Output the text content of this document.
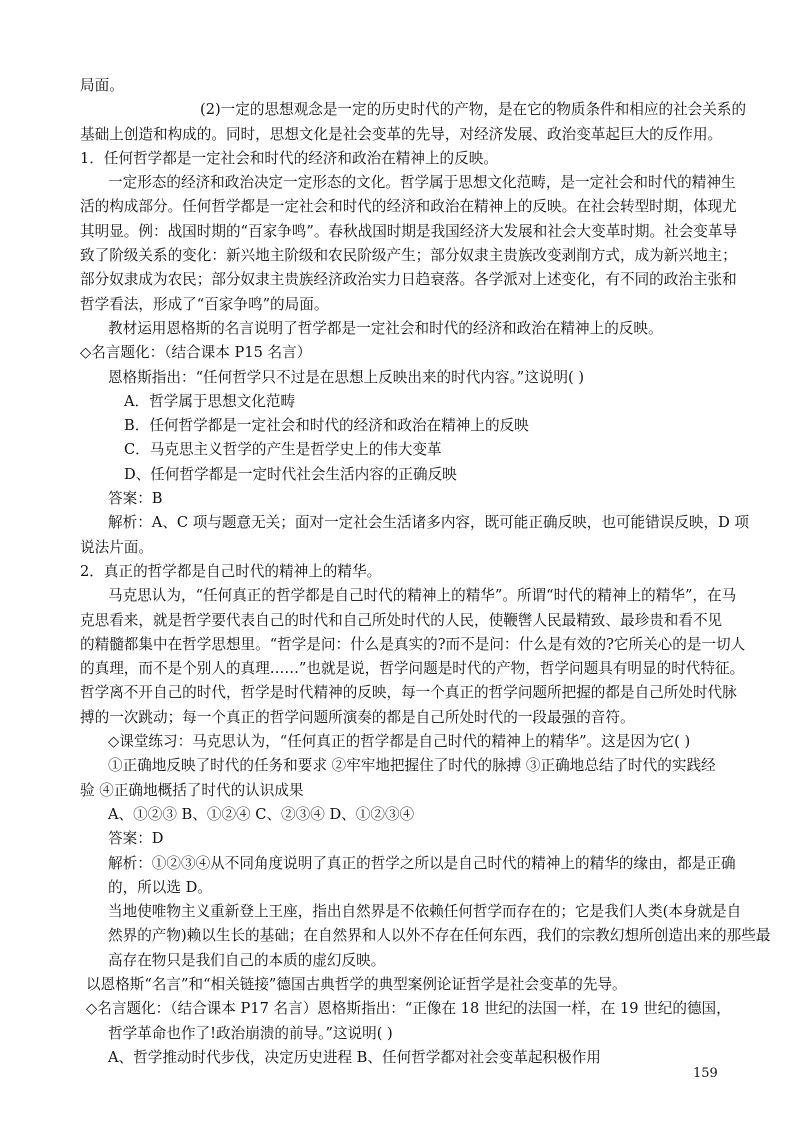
局面。
(2)一定的思想观念是一定的历史时代的产物，是在它的物质条件和相应的社会关系的
基础上创造和构成的。同时，思想文化是社会变革的先导，对经济发展、政治变革起巨大的反作用。
1．任何哲学都是一定社会和时代的经济和政治在精神上的反映。
一定形态的经济和政治决定一定形态的文化。哲学属于思想文化范畴，是一定社会和时代的精神生
活的构成部分。任何哲学都是一定社会和时代的经济和政治在精神上的反映。在社会转型时期，体现尤
其明显。例：战国时期的“百家争鸣”。春秋战国时期是我国经济大发展和社会大变革时期。社会变革导
致了阶级关系的变化：新兴地主阶级和农民阶级产生；部分奴隶主贵族改变剥削方式，成为新兴地主；
部分奴隶成为农民；部分奴隶主贵族经济政治实力日趋衰落。各学派对上述变化，有不同的政治主张和
哲学看法，形成了“百家争鸣”的局面。
教材运用恩格斯的名言说明了哲学都是一定社会和时代的经济和政治在精神上的反映。
◇名言题化：（结合课本 P15 名言）
恩格斯指出：“任何哲学只不过是在思想上反映出来的时代内容。”这说明( )
A．哲学属于思想文化范畴
B．任何哲学都是一定社会和时代的经济和政治在精神上的反映
C．马克思主义哲学的产生是哲学史上的伟大变革
D、任何哲学都是一定时代社会生活内容的正确反映
答案：B
解析：A、C 项与题意无关；面对一定社会生活诸多内容，既可能正确反映，也可能错误反映，D 项
说法片面。
2．真正的哲学都是自己时代的精神上的精华。
马克思认为，“任何真正的哲学都是自己时代的精神上的精华”。所谓“时代的精神上的精华”，在马
克思看来，就是哲学要代表自己的时代和自己所处时代的人民，使鞭辔人民最精致、最珍贵和看不见
的精髓都集中在哲学思想里。“哲学是问：什么是真实的?而不是问：什么是有效的?它所关心的是一切人
的真理，而不是个别人的真理……”也就是说，哲学问题是时代的产物，哲学问题具有明显的时代特征。
哲学离不开自己的时代，哲学是时代精神的反映，每一个真正的哲学问题所把握的都是自己所处时代脉
搏的一次跳动；每一个真正的哲学问题所演奏的都是自己所处时代的一段最强的音符。
◇课堂练习：马克思认为，“任何真正的哲学都是自己时代的精神上的精华”。这是因为它( )
①正确地反映了时代的任务和要求 ②牢牢地把握住了时代的脉搏 ③正确地总结了时代的实践经
验 ④正确地概括了时代的认识成果
A、①②③ B、①②④ C、②③④ D、①②③④
答案：D
解析：①②③④从不同角度说明了真正的哲学之所以是自己时代的精神上的精华的缘由，都是正确
的，所以选 D。
当地使唯物主义重新登上王座，指出自然界是不依赖任何哲学而存在的；它是我们人类(本身就是自
然界的产物)赖以生长的基础；在自然界和人以外不存在任何东西，我们的宗教幻想所创造出来的那些最
高存在物只是我们自己的本质的虚幻反映。
以恩格斯“名言”和“相关链接”德国古典哲学的典型案例论证哲学是社会变革的先导。
◇名言题化：（结合课本 P17 名言）恩格斯指出：“正像在 18 世纪的法国一样，在 19 世纪的德国，
哲学革命也作了!政治崩溃的前导。”这说明( )
A、哲学推动时代步伐，决定历史进程 B、任何哲学都对社会变革起积极作用
159
